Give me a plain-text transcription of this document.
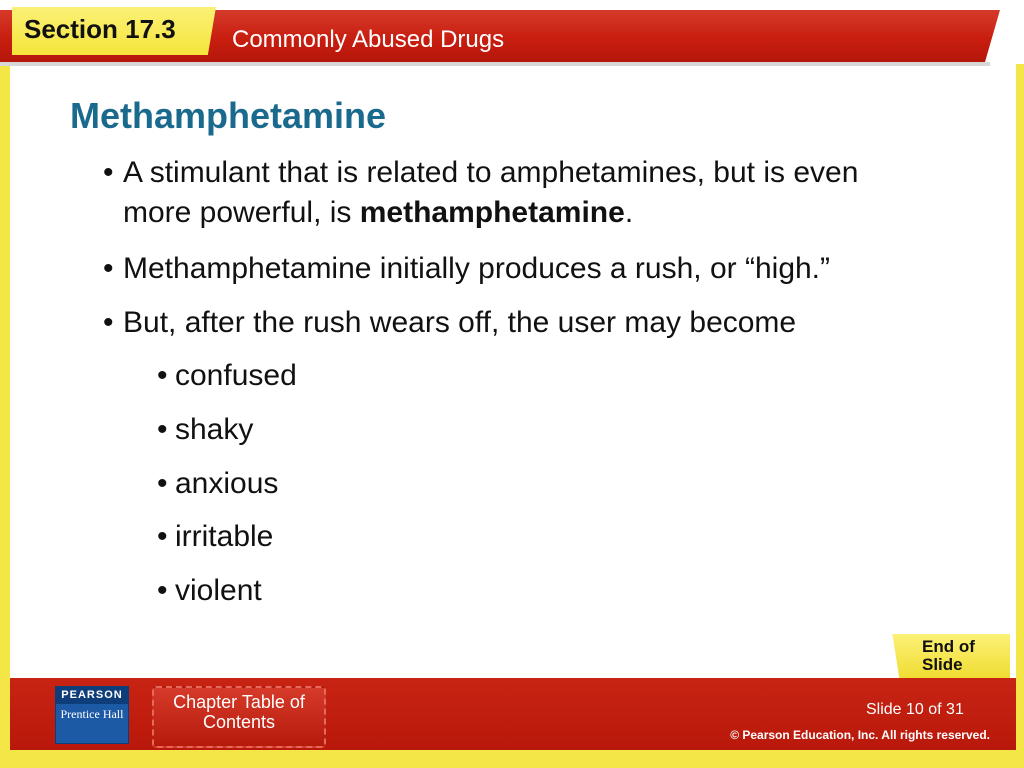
Section 17.3 Commonly Abused Drugs
Methamphetamine
• A stimulant that is related to amphetamines, but is even more powerful, is methamphetamine.
• Methamphetamine initially produces a rush, or “high.”
• But, after the rush wears off, the user may become
• confused
• shaky
• anxious
• irritable
• violent
End of Slide
PEARSON
Prentice Hall
Chapter Table of Contents
Slide 10 of 31
© Pearson Education, Inc. All rights reserved.
